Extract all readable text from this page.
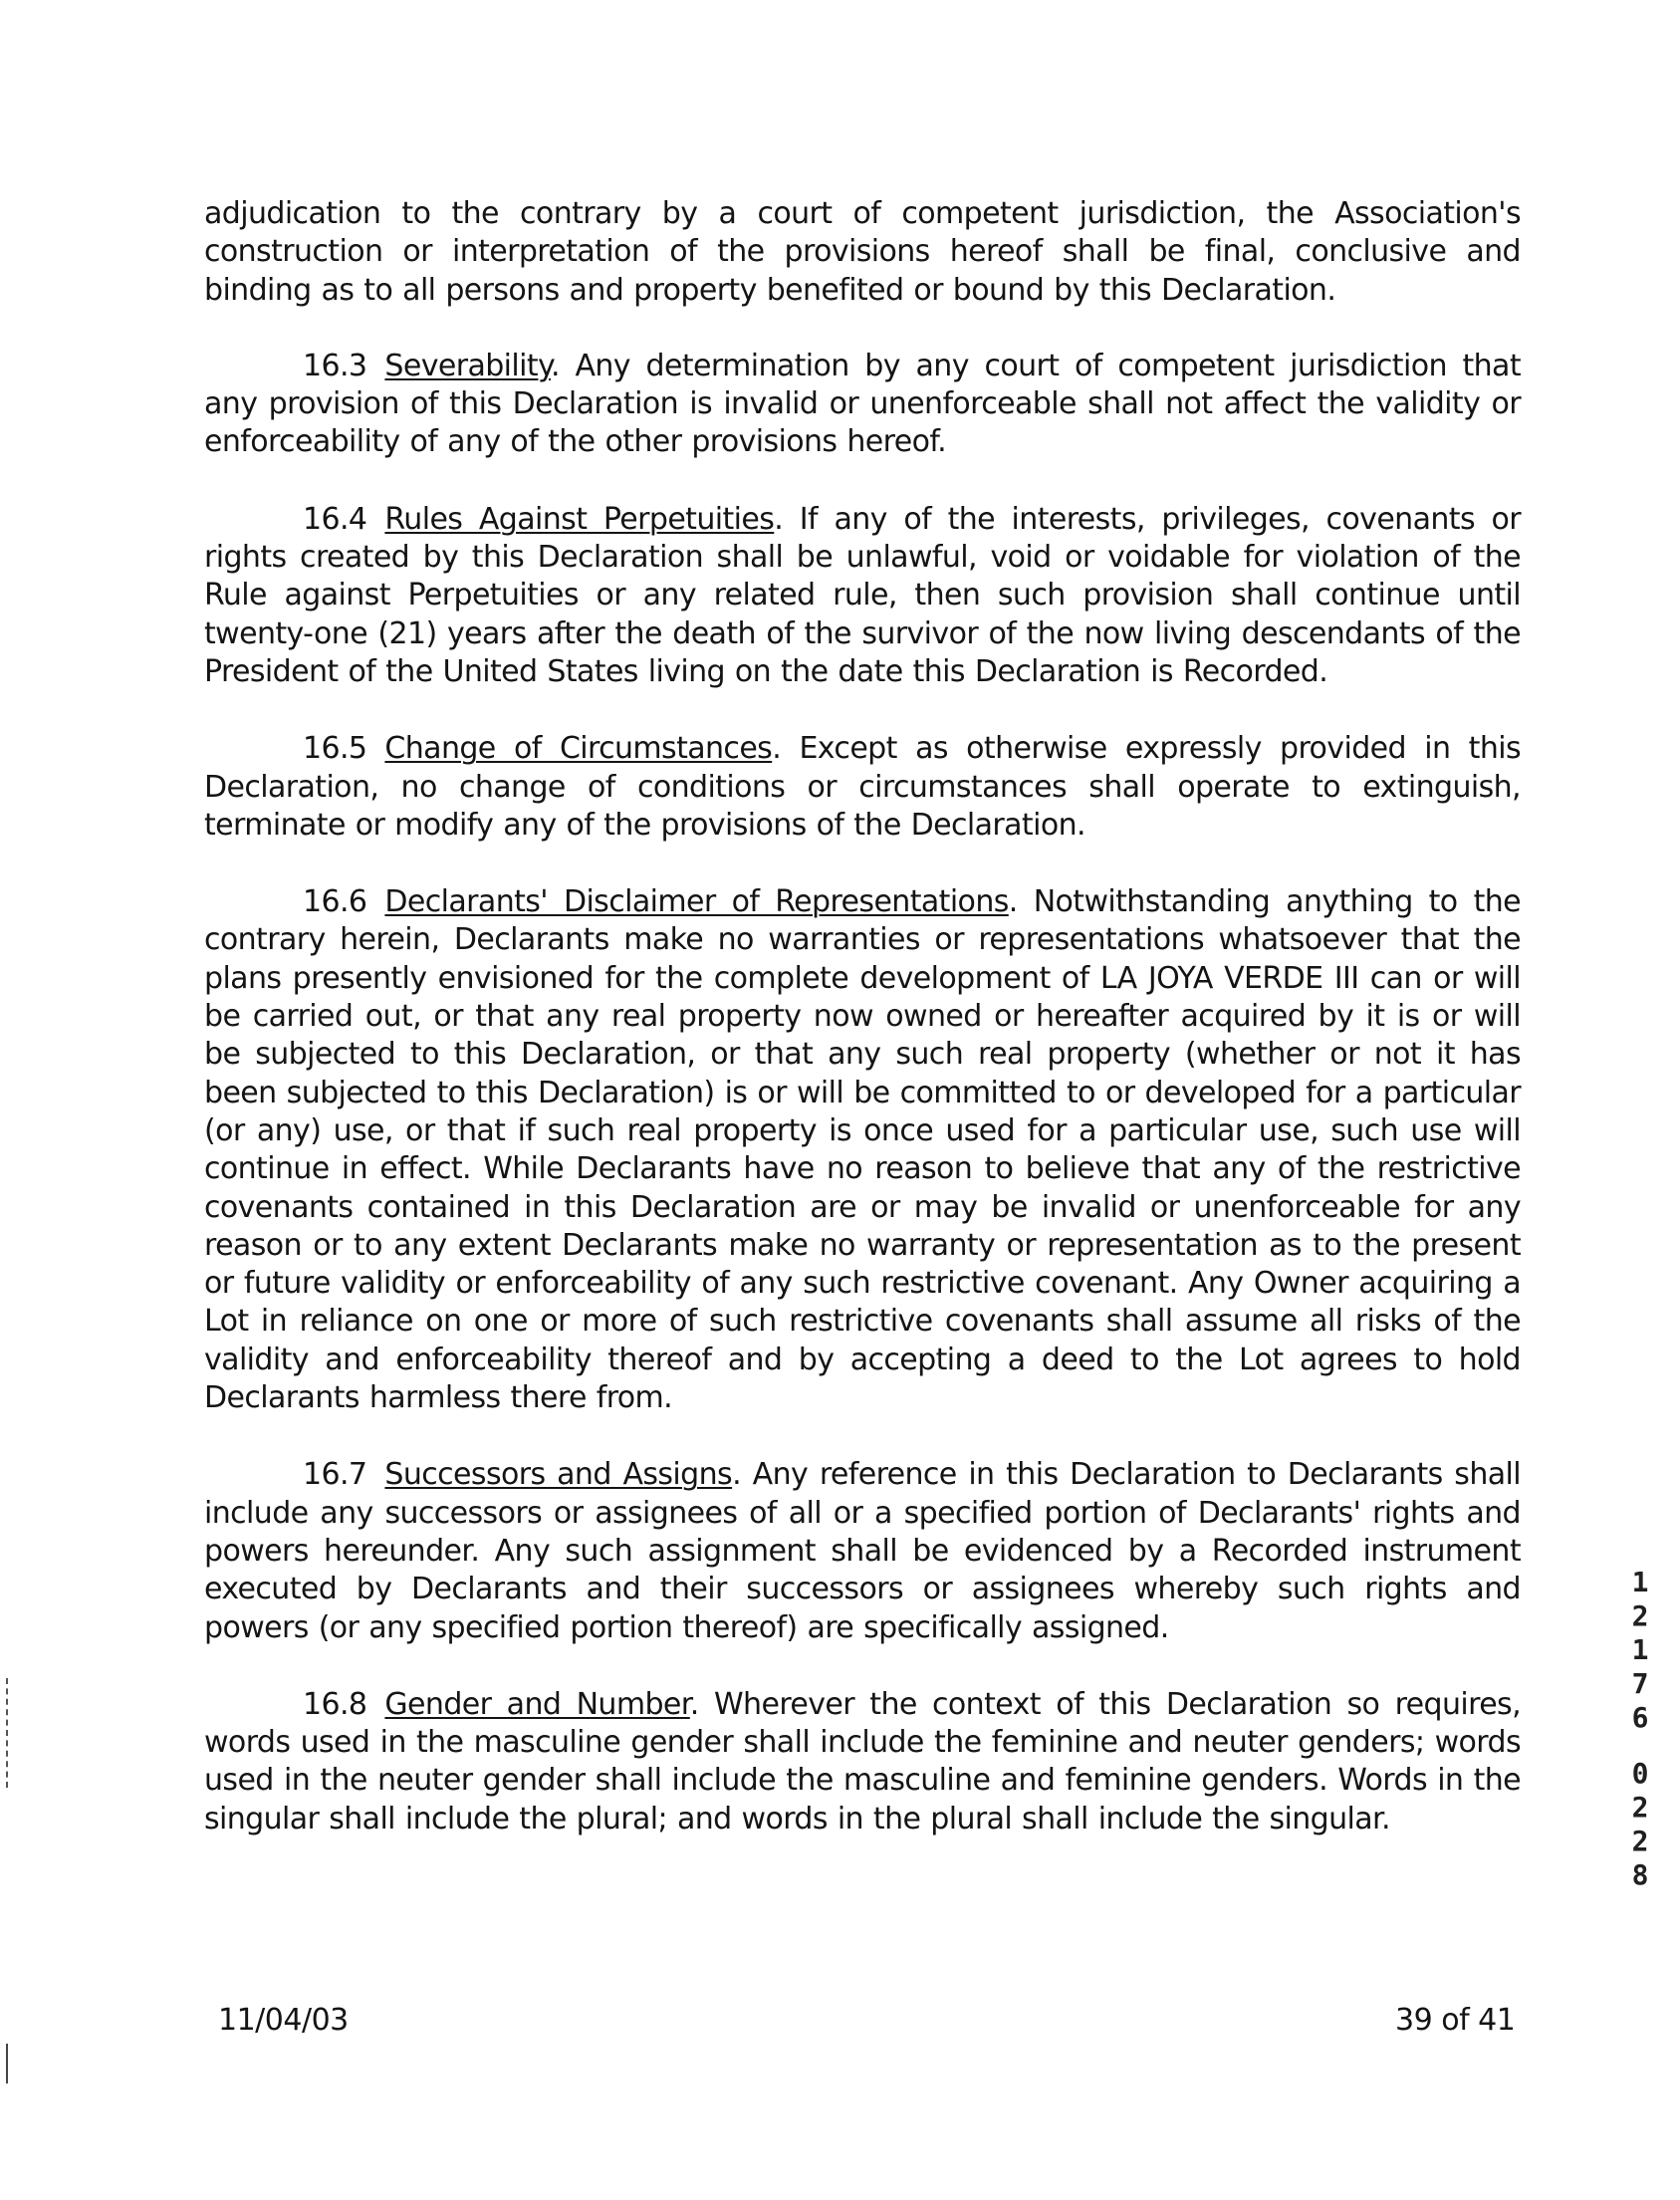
adjudication to the contrary by a court of competent jurisdiction, the Association's construction or interpretation of the provisions hereof shall be final, conclusive and binding as to all persons and property benefited or bound by this Declaration.

16.3 Severability. Any determination by any court of competent jurisdiction that any provision of this Declaration is invalid or unenforceable shall not affect the validity or enforceability of any of the other provisions hereof.

16.4 Rules Against Perpetuities. If any of the interests, privileges, covenants or rights created by this Declaration shall be unlawful, void or voidable for violation of the Rule against Perpetuities or any related rule, then such provision shall continue until twenty-one (21) years after the death of the survivor of the now living descendants of the President of the United States living on the date this Declaration is Recorded.

16.5 Change of Circumstances. Except as otherwise expressly provided in this Declaration, no change of conditions or circumstances shall operate to extinguish, terminate or modify any of the provisions of the Declaration.

16.6 Declarants' Disclaimer of Representations. Notwithstanding anything to the contrary herein, Declarants make no warranties or representations whatsoever that the plans presently envisioned for the complete development of LA JOYA VERDE III can or will be carried out, or that any real property now owned or hereafter acquired by it is or will be subjected to this Declaration, or that any such real property (whether or not it has been subjected to this Declaration) is or will be committed to or developed for a particular (or any) use, or that if such real property is once used for a particular use, such use will continue in effect. While Declarants have no reason to believe that any of the restrictive covenants contained in this Declaration are or may be invalid or unenforceable for any reason or to any extent Declarants make no warranty or representation as to the present or future validity or enforceability of any such restrictive covenant. Any Owner acquiring a Lot in reliance on one or more of such restrictive covenants shall assume all risks of the validity and enforceability thereof and by accepting a deed to the Lot agrees to hold Declarants harmless there from.

16.7 Successors and Assigns. Any reference in this Declaration to Declarants shall include any successors or assignees of all or a specified portion of Declarants' rights and powers hereunder. Any such assignment shall be evidenced by a Recorded instrument executed by Declarants and their successors or assignees whereby such rights and powers (or any specified portion thereof) are specifically assigned.

16.8 Gender and Number. Wherever the context of this Declaration so requires, words used in the masculine gender shall include the feminine and neuter genders; words used in the neuter gender shall include the masculine and feminine genders. Words in the singular shall include the plural; and words in the plural shall include the singular.

1
2
1
7
6
0
2
2
8
11/04/03	39 of 41
